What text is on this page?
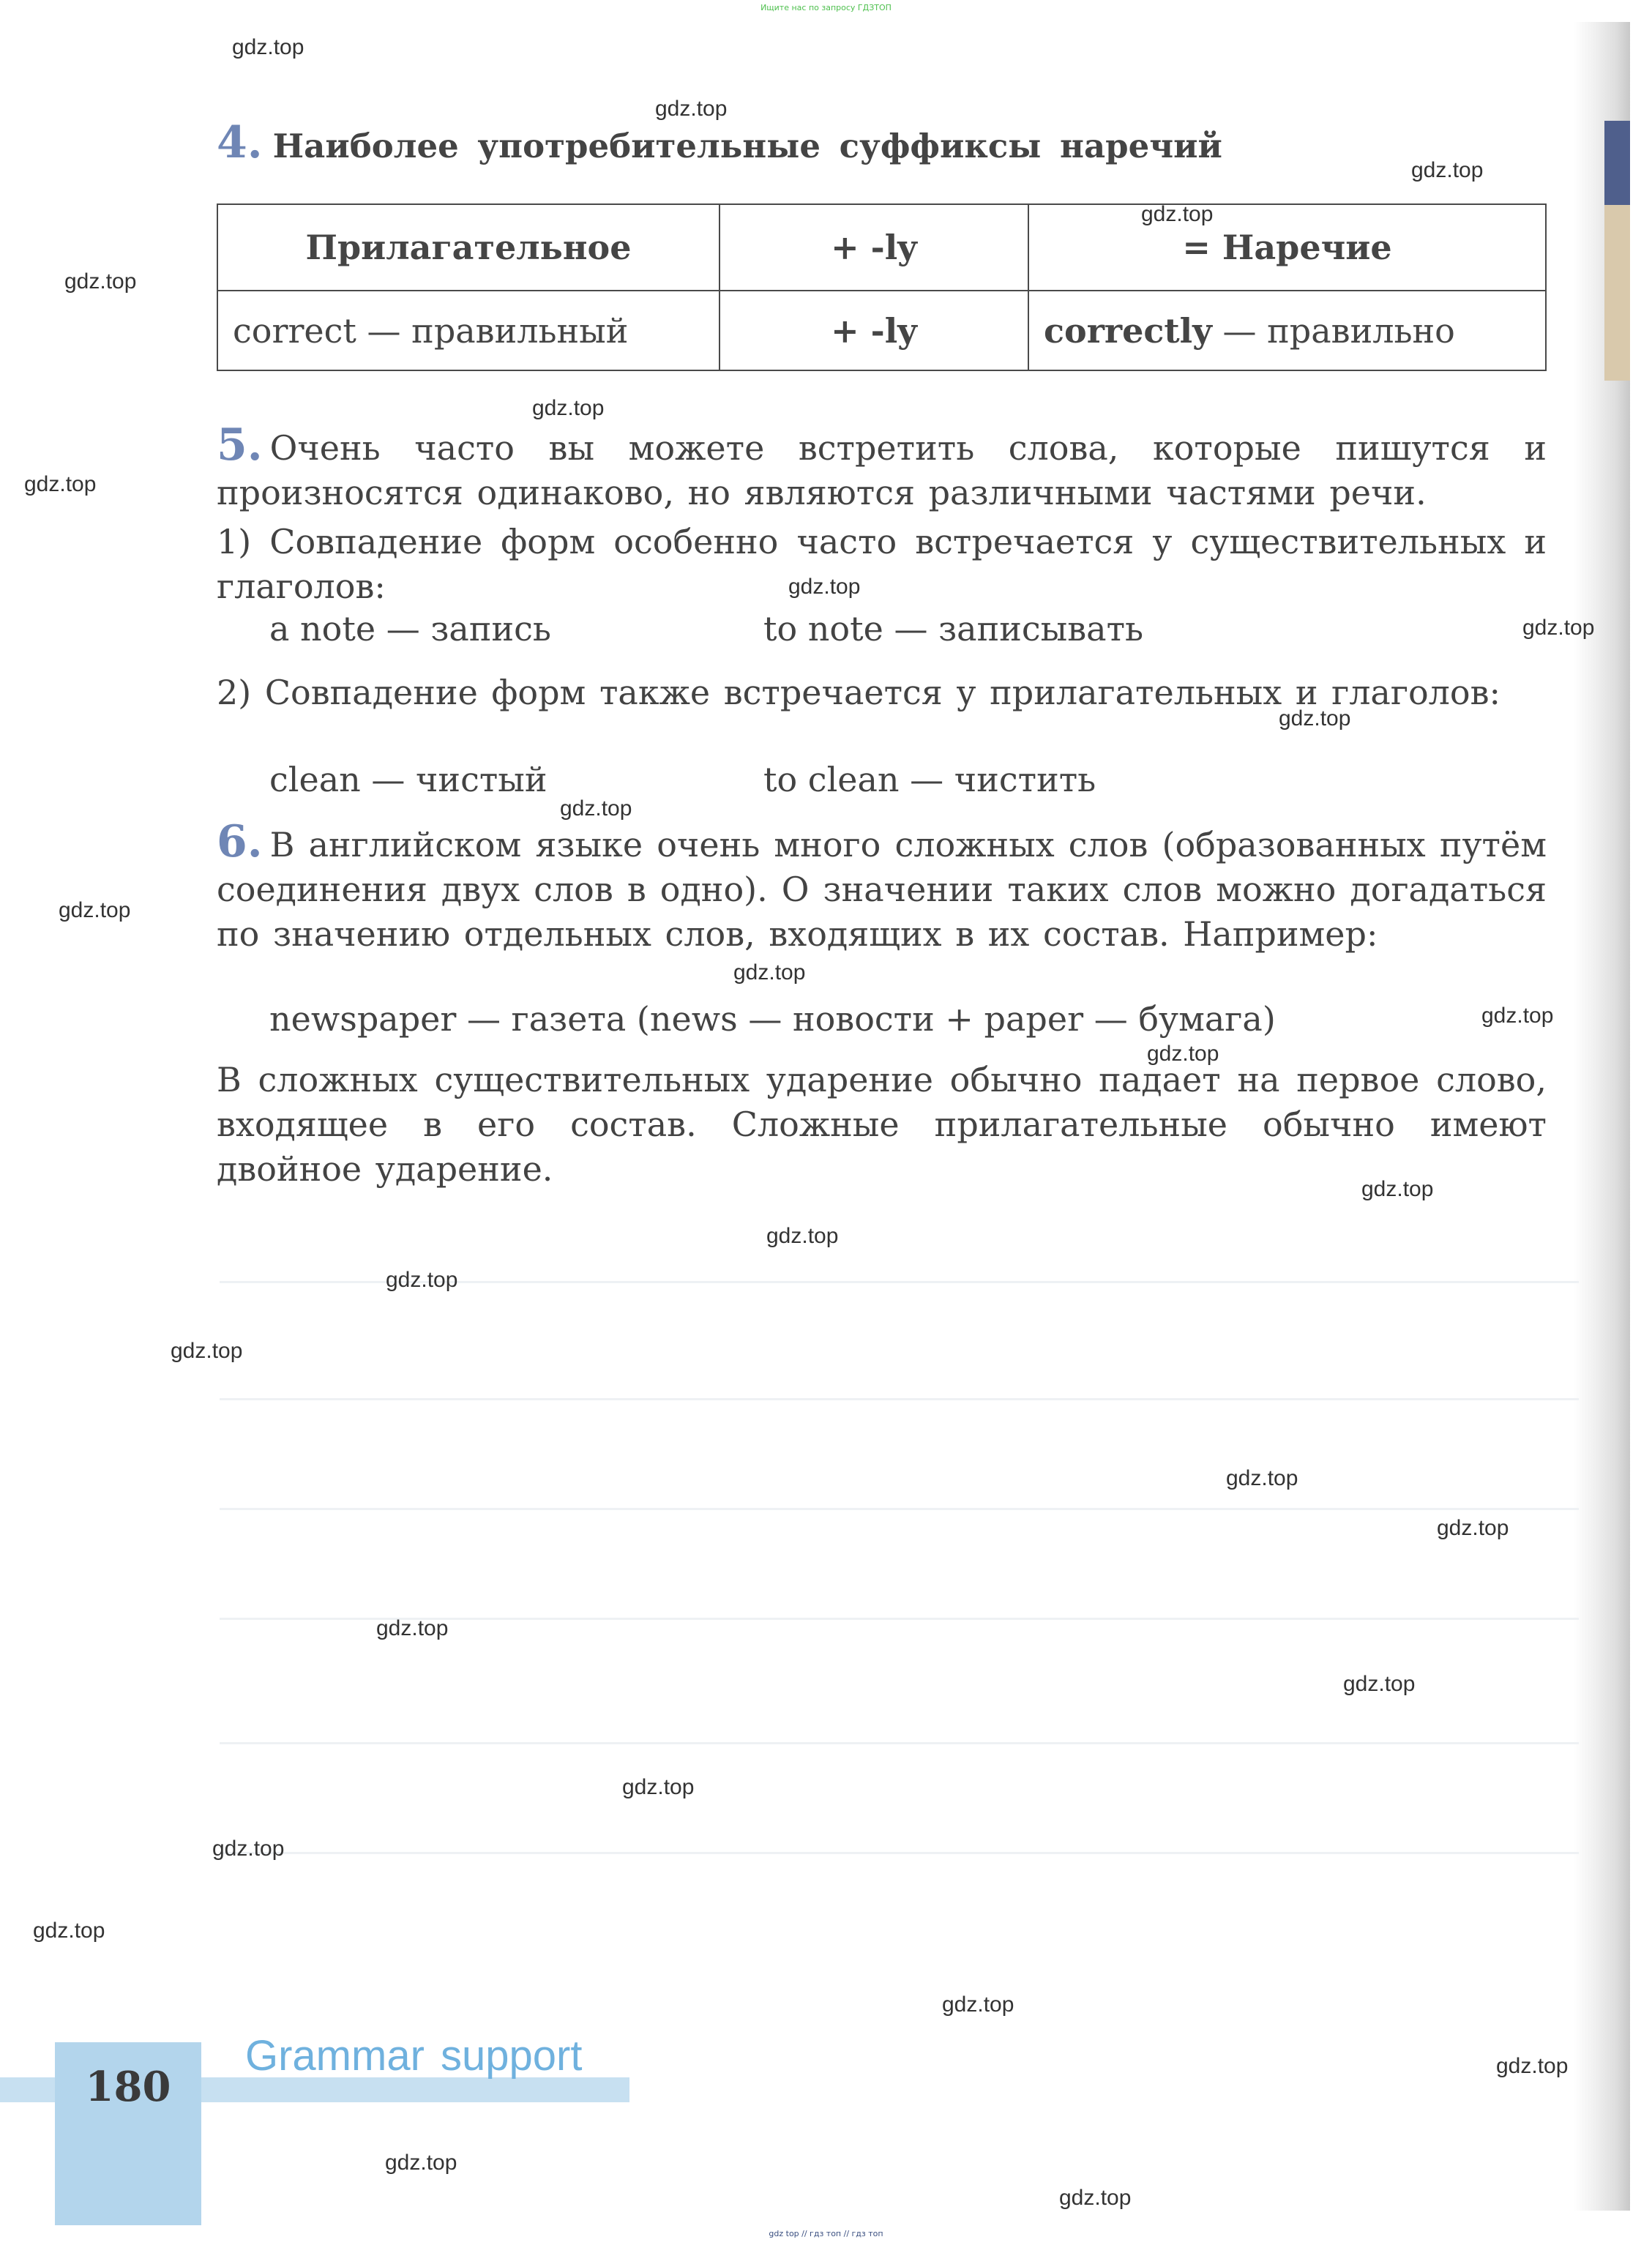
Ищите нас по запросу ГДЗТОП
4. Наиболее употребительные суффиксы наречий
Прилагательное	+ -ly	= Наречие
correct — правильный	+ -ly	correctly — правильно
5. Очень часто вы можете встретить слова, которые пишутся и произносятся одинаково, но являются различными частями речи.
1) Совпадение форм особенно часто встречается у существительных и глаголов:
a note — запись	to note — записывать
2) Совпадение форм также встречается у прилагательных и глаголов:
clean — чистый	to clean — чистить
6. В английском языке очень много сложных слов (образованных путём соединения двух слов в одно). О значении таких слов можно догадаться по значению отдельных слов, входящих в их состав. Например:
newspaper — газета (news — новости + paper — бумага)
В сложных существительных ударение обычно падает на первое слово, входящее в его состав. Сложные прилагательные обычно имеют двойное ударение.
180
Grammar support
gdz.top
gdz.top
gdz.top
gdz.top
gdz.top
gdz.top
gdz.top
gdz.top
gdz.top
gdz.top
gdz.top
gdz.top
gdz.top
gdz.top
gdz.top
gdz.top
gdz.top
gdz.top
gdz.top
gdz.top
gdz.top
gdz.top
gdz.top
gdz.top
gdz.top
gdz.top
gdz.top
gdz.top
gdz.top
gdz.top
gdz top // гдз топ // гдз топ
